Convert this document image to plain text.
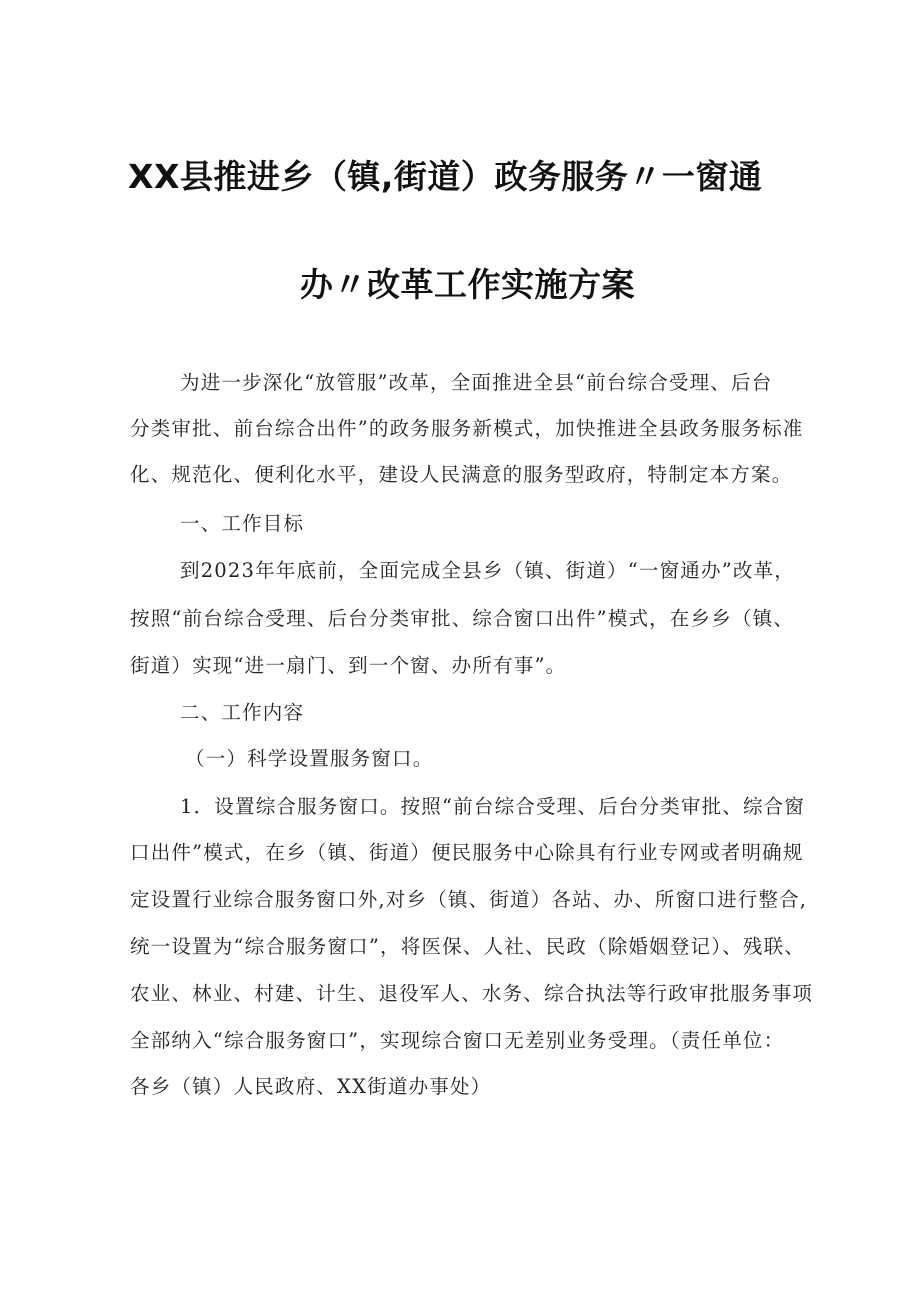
XX县推进乡（镇,街道）政务服务〃一窗通
办〃改革工作实施方案
为进一步深化“放管服”改革，全面推进全县“前台综合受理、后台
分类审批、前台综合出件”的政务服务新模式，加快推进全县政务服务标准
化、规范化、便利化水平，建设人民满意的服务型政府，特制定本方案。
一、工作目标
到2023年年底前，全面完成全县乡（镇、街道）“一窗通办”改革，
按照“前台综合受理、后台分类审批、综合窗口出件”模式，在乡乡（镇、
街道）实现“进一扇门、到一个窗、办所有事”。
二、工作内容
（一）科学设置服务窗口。
1．设置综合服务窗口。按照“前台综合受理、后台分类审批、综合窗
口出件”模式，在乡（镇、街道）便民服务中心除具有行业专网或者明确规
定设置行业综合服务窗口外,对乡（镇、街道）各站、办、所窗口进行整合,
统一设置为“综合服务窗口”，将医保、人社、民政（除婚姻登记）、残联、
农业、林业、村建、计生、退役军人、水务、综合执法等行政审批服务事项
全部纳入“综合服务窗口”，实现综合窗口无差别业务受理。（责任单位：
各乡（镇）人民政府、XX街道办事处）
